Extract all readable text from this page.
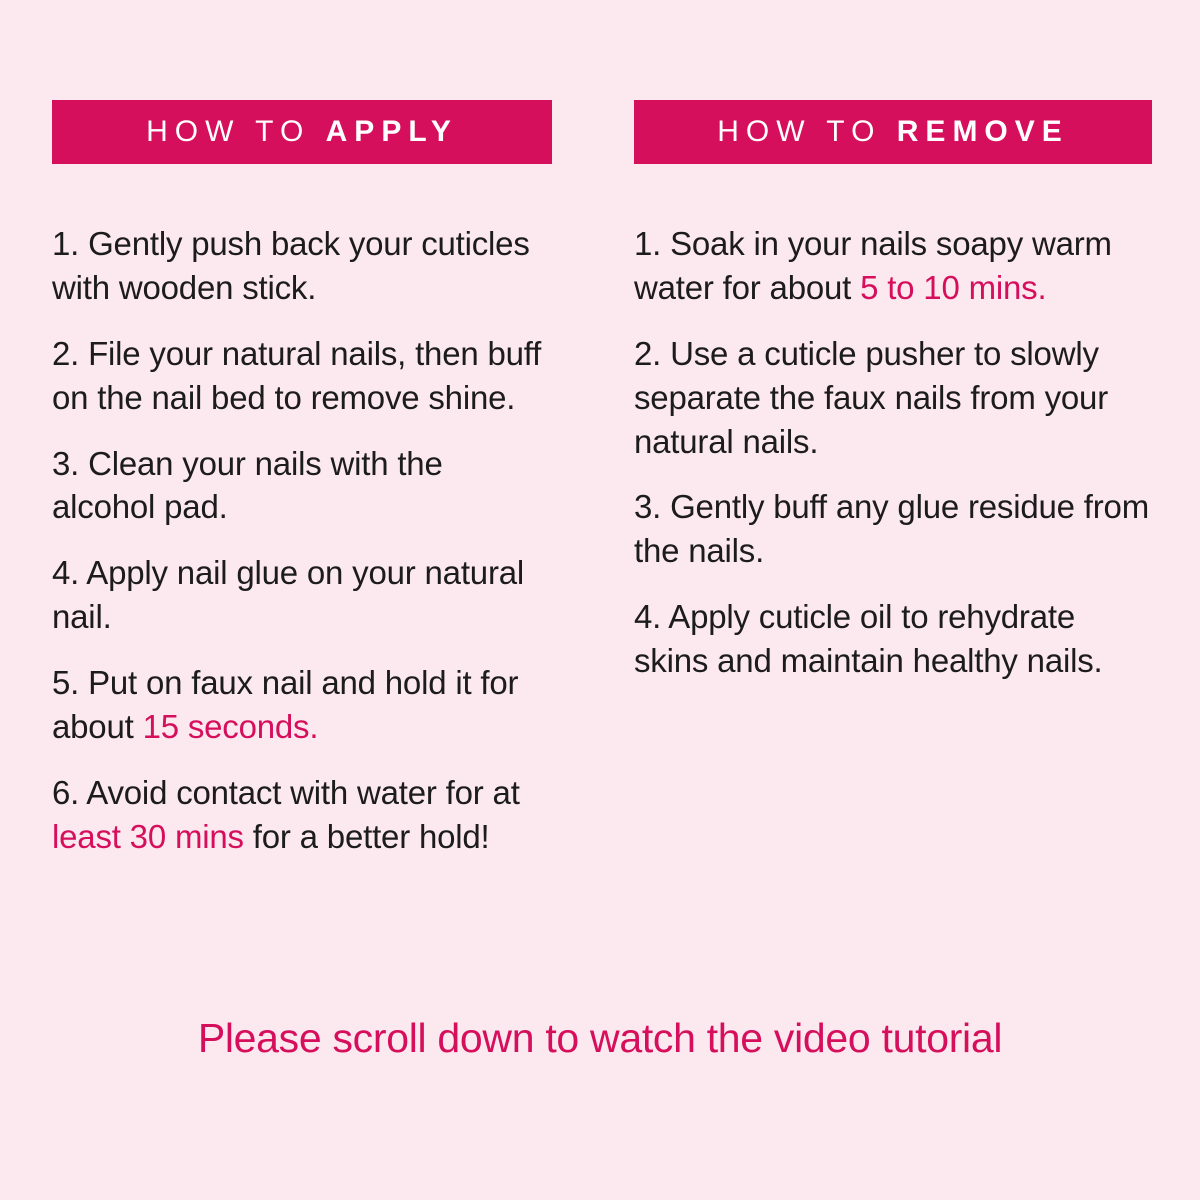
HOW TO APPLY
1. Gently push back your cuticles with wooden stick.
2. File your natural nails, then buff on the nail bed to remove shine.
3. Clean your nails with the alcohol pad.
4. Apply nail glue on your natural nail.
5. Put on faux nail and hold it for about 15 seconds.
6. Avoid contact with water for at least 30 mins for a better hold!
HOW TO REMOVE
1. Soak in your nails soapy warm water for about 5 to 10 mins.
2. Use a cuticle pusher to slowly separate the faux nails from your natural nails.
3. Gently buff any glue residue from the nails.
4. Apply cuticle oil to rehydrate skins and maintain healthy nails.
Please scroll down to watch the video tutorial
